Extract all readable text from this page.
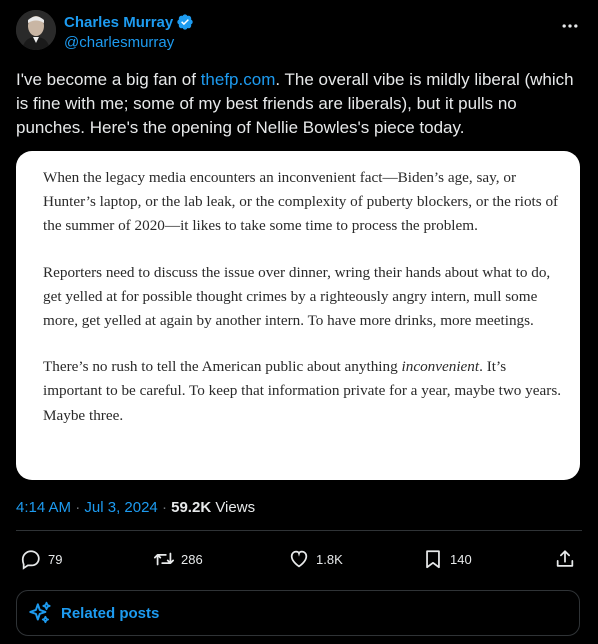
Charles Murray
@charlesmurray

I've become a big fan of thefp.com. The overall vibe is mildly liberal (which is fine with me; some of my best friends are liberals), but it pulls no punches. Here's the opening of Nellie Bowles's piece today.

When the legacy media encounters an inconvenient fact—Biden’s age, say, or Hunter’s laptop, or the lab leak, or the complexity of puberty blockers, or the riots of the summer of 2020—it likes to take some time to process the problem.

Reporters need to discuss the issue over dinner, wring their hands about what to do, get yelled at for possible thought crimes by a righteously angry intern, mull some more, get yelled at again by another intern. To have more drinks, more meetings.

There’s no rush to tell the American public about anything inconvenient. It’s important to be careful. To keep that information private for a year, maybe two years. Maybe three.

4:14 AM · Jul 3, 2024 · 59.2K Views
79	286	1.8K	140
Related posts
